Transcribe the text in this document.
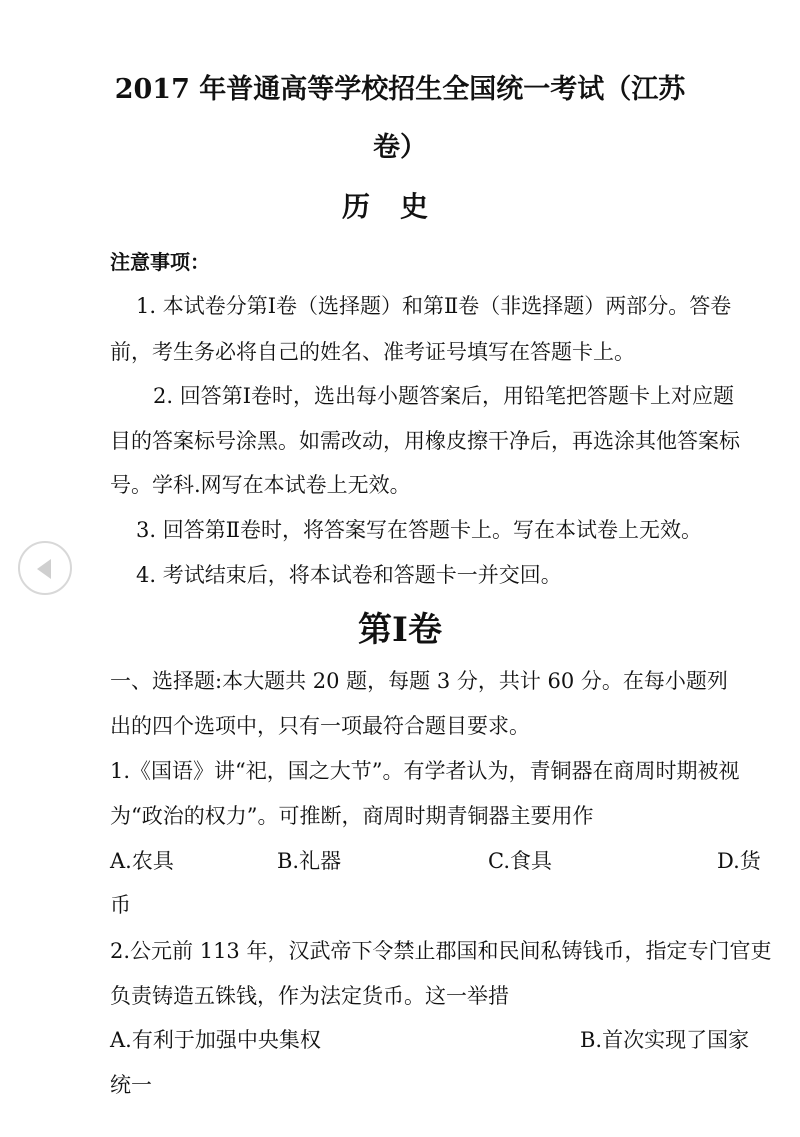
2017 年普通高等学校招生全国统一考试（江苏
卷）
历史
注意事项：
1. 本试卷分第Ⅰ卷（选择题）和第Ⅱ卷（非选择题）两部分。答卷
前，考生务必将自己的姓名、准考证号填写在答题卡上。
2. 回答第Ⅰ卷时，选出每小题答案后，用铅笔把答题卡上对应题
目的答案标号涂黑。如需改动，用橡皮擦干净后，再选涂其他答案标
号。学科.网写在本试卷上无效。
3. 回答第Ⅱ卷时，将答案写在答题卡上。写在本试卷上无效。
4. 考试结束后，将本试卷和答题卡一并交回。
第Ⅰ卷
一、选择题:本大题共 20 题，每题 3 分，共计 60 分。在每小题列
出的四个选项中，只有一项最符合题目要求。
1.《国语》讲“祀，国之大节”。有学者认为，青铜器在商周时期被视
为“政治的权力”。可推断，商周时期青铜器主要用作
A.农具	B.礼器	C.食具	D.货
币
2.公元前 113 年，汉武帝下令禁止郡国和民间私铸钱币，指定专门官吏
负责铸造五铢钱，作为法定货币。这一举措
A.有利于加强中央集权	B.首次实现了国家
统一
